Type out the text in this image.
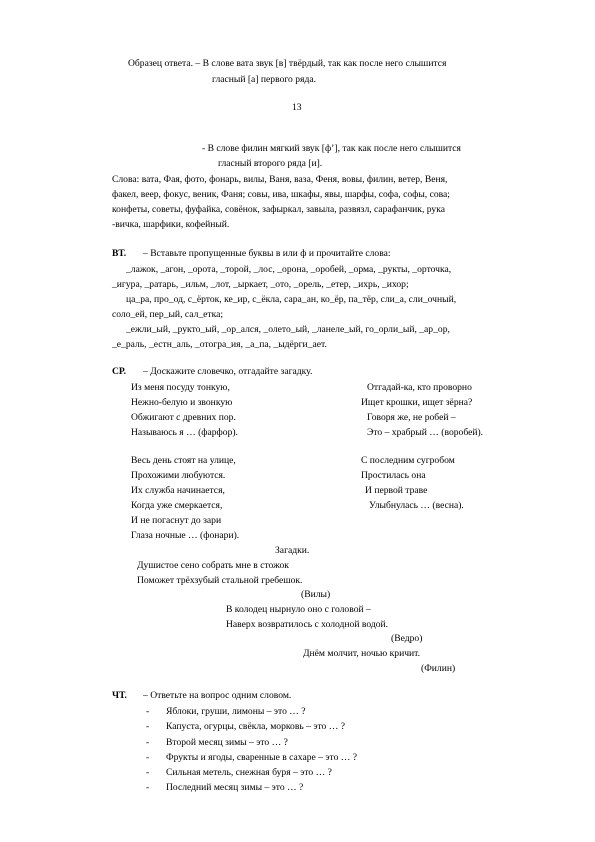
Образец ответа. – В слове вата звук [в] твёрдый, так как после него слышится
гласный [а] первого ряда.
13
- В слове филин мягкий звук [ф’], так как после него слышится
гласный второго ряда [и].
Слова: вата, Фая, фото, фонарь, вилы, Ваня, ваза, Феня, вовы, филин, ветер, Веня,
факел, веер, фокус, веник, Фаня; совы, ива, шкафы, явы, шарфы, софа, софы, сова;
конфеты, советы, фуфайка, совёнок, зафыркал, завыла, развязл, сарафанчик, рука
-вичка, шарфики, кофейный.
ВТ. – Вставьте пропущенные буквы в или ф и прочитайте слова:
_лажок, _агон, _орота, _торой, _лос, _орона, _оробей, _орма, _рукты, _орточка,
_игура, _ратарь, _ильм, _лот, _ыркает, _ото, _орель, _етер, _ихрь, _ихор;
ца_ра, про_од, с_ёрток, ке_ир, с_ёкла, сара_ан, ко_ёр, па_тёр, сли_а, сли_очный,
соло_ей, пер_ый, сал_етка;
_ежли_ый, _рукто_ый, _ор_ался, _олето_ый, _ланеле_ый, го_орли_ый, _ар_ор,
_е_раль, _естн_аль, _отогра_ия, _а_па, _ыдёрги_ает.
СР. – Доскажите словечко, отгадайте загадку.
Из меня посуду тонкую,
Нежно-белую и звонкую
Обжигают с древних пор.
Называюсь я … (фарфор).
Отгадай-ка, кто проворно
Ищет крошки, ищет зёрна?
Говоря же, не робей –
Это – храбрый … (воробей).
Весь день стоят на улице,
Прохожими любуются.
Их служба начинается,
Когда уже смеркается,
И не погаснут до зари
Глаза ночные … (фонари).
С последним сугробом
Простилась она
И первой траве
Улыбнулась … (весна).
Загадки.
Душистое сено собрать мне в стожок
Поможет трёхзубый стальной гребешок.
(Вилы)
В колодец нырнуло оно с головой –
Наверх возвратилось с холодной водой.
(Ведро)
Днём молчит, ночью кричит.
(Филин)
ЧТ. – Ответьте на вопрос одним словом.
- Яблоки, груши, лимоны – это … ?
- Капуста, огурцы, свёкла, морковь – это … ?
- Второй месяц зимы – это … ?
- Фрукты и ягоды, сваренные в сахаре – это … ?
- Сильная метель, снежная буря – это … ?
- Последний месяц зимы – это … ?
